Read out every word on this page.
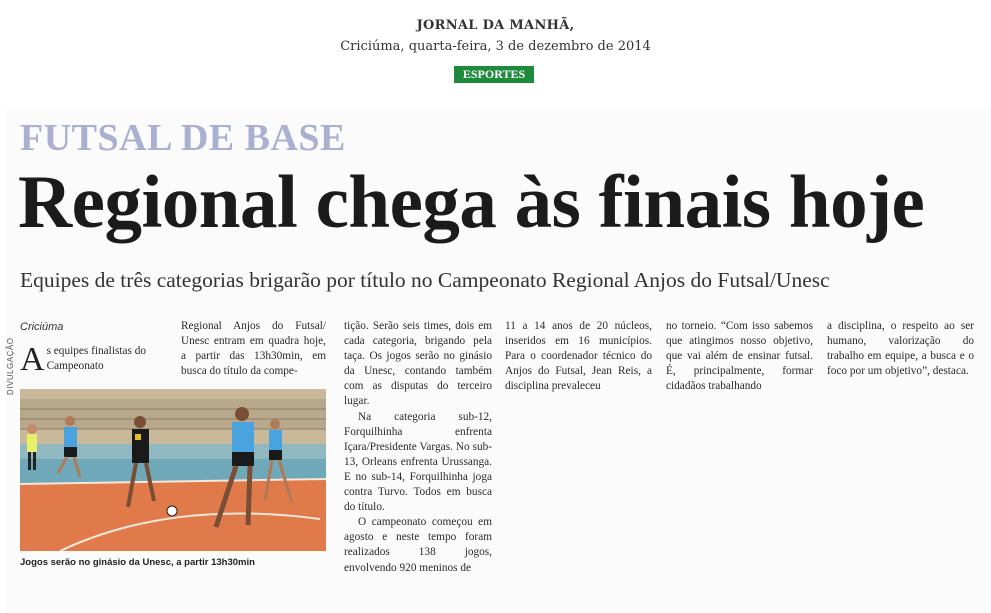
JORNAL DA MANHÃ,
Criciúma, quarta-feira, 3 de dezembro de 2014
ESPORTES
FUTSAL DE BASE
Regional chega às finais hoje
Equipes de três categorias brigarão por título no Campeonato Regional Anjos do Futsal/Unesc
DIVULGAÇÃO
Criciúma
A s equipes finalistas do Campeonato
Jogos serão no ginásio da Unesc, a partir 13h30min

Regional Anjos do Futsal/ Unesc entram em quadra hoje, a partir das 13h30min, em busca do título da compe-

tição. Serão seis times, dois em cada categoria, brigando pela taça. Os jogos serão no ginásio da Unesc, contando também com as disputas do terceiro lugar.

Na categoria sub-12, Forquilhinha enfrenta Içara/Presidente Vargas. No sub-13, Orleans enfrenta Urussanga. E no sub-14, Forquilhinha joga contra Turvo. Todos em busca do título.

O campeonato começou em agosto e neste tempo foram realizados 138 jogos, envolvendo 920 meninos de

11 a 14 anos de 20 núcleos, inseridos em 16 municípios. Para o coordenador técnico do Anjos do Futsal, Jean Reis, a disciplina prevaleceu

no torneio. “Com isso sabemos que atingimos nosso objetivo, que vai além de ensinar futsal. É, principalmente, formar cidadãos trabalhando

a disciplina, o respeito ao ser humano, valorização do trabalho em equipe, a busca e o foco por um objetivo”, destaca.
